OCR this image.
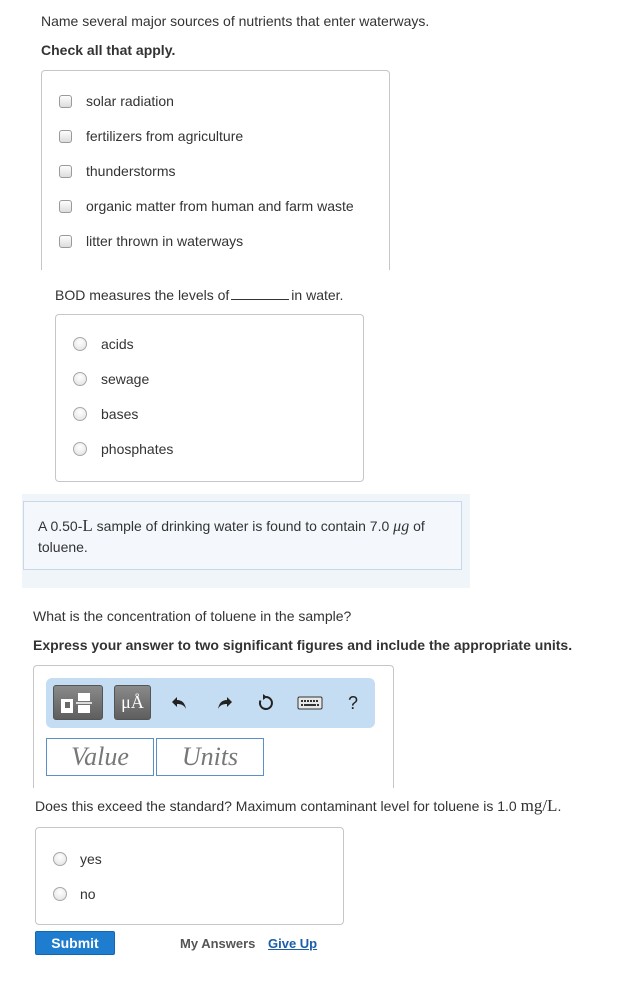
Name several major sources of nutrients that enter waterways.
Check all that apply.
solar radiation
fertilizers from agriculture
thunderstorms
organic matter from human and farm waste
litter thrown in waterways
BOD measures the levels of	in water.
acids
sewage
bases
phosphates
A 0.50-L sample of drinking water is found to contain 7.0 μg of toluene.
What is the concentration of toluene in the sample?
Express your answer to two significant figures and include the appropriate units.
μÅ	?
Value Units
Does this exceed the standard? Maximum contaminant level for toluene is 1.0 mg/L.
yes
no
Submit	My Answers Give Up
